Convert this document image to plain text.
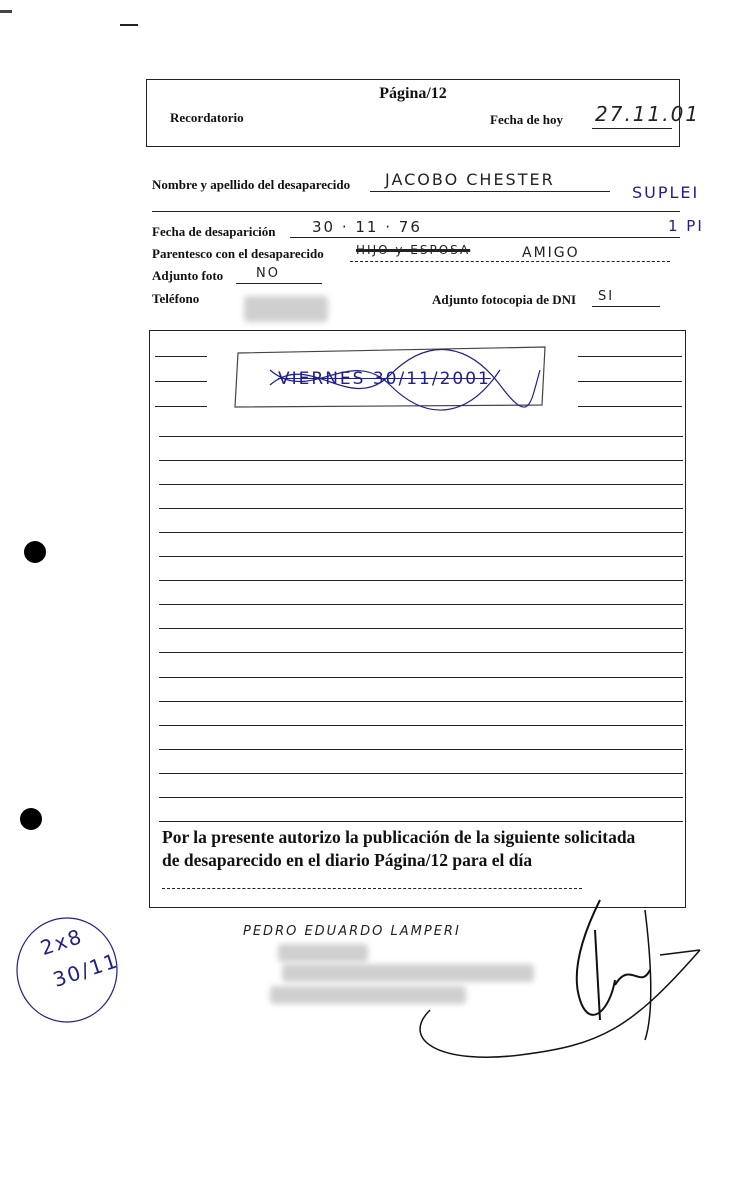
Página/12
Recordatorio	Fecha de hoy 27.11.01
Nombre y apellido del desaparecido JACOBO CHESTER
SUPLEI
1 PI
Fecha de desaparición 30 · 11 · 76
Parentesco con el desaparecido	HIJO y ESPOSA	AMIGO
Adjunto foto	NO
Teléfono	Adjunto fotocopia de DNI SI
VIERNES 30/11/2001
Por la presente autorizo la publicación de la siguiente solicitada
de desaparecido en el diario Página/12 para el día
PEDRO EDUARDO LAMPERI
2x8
30/11
